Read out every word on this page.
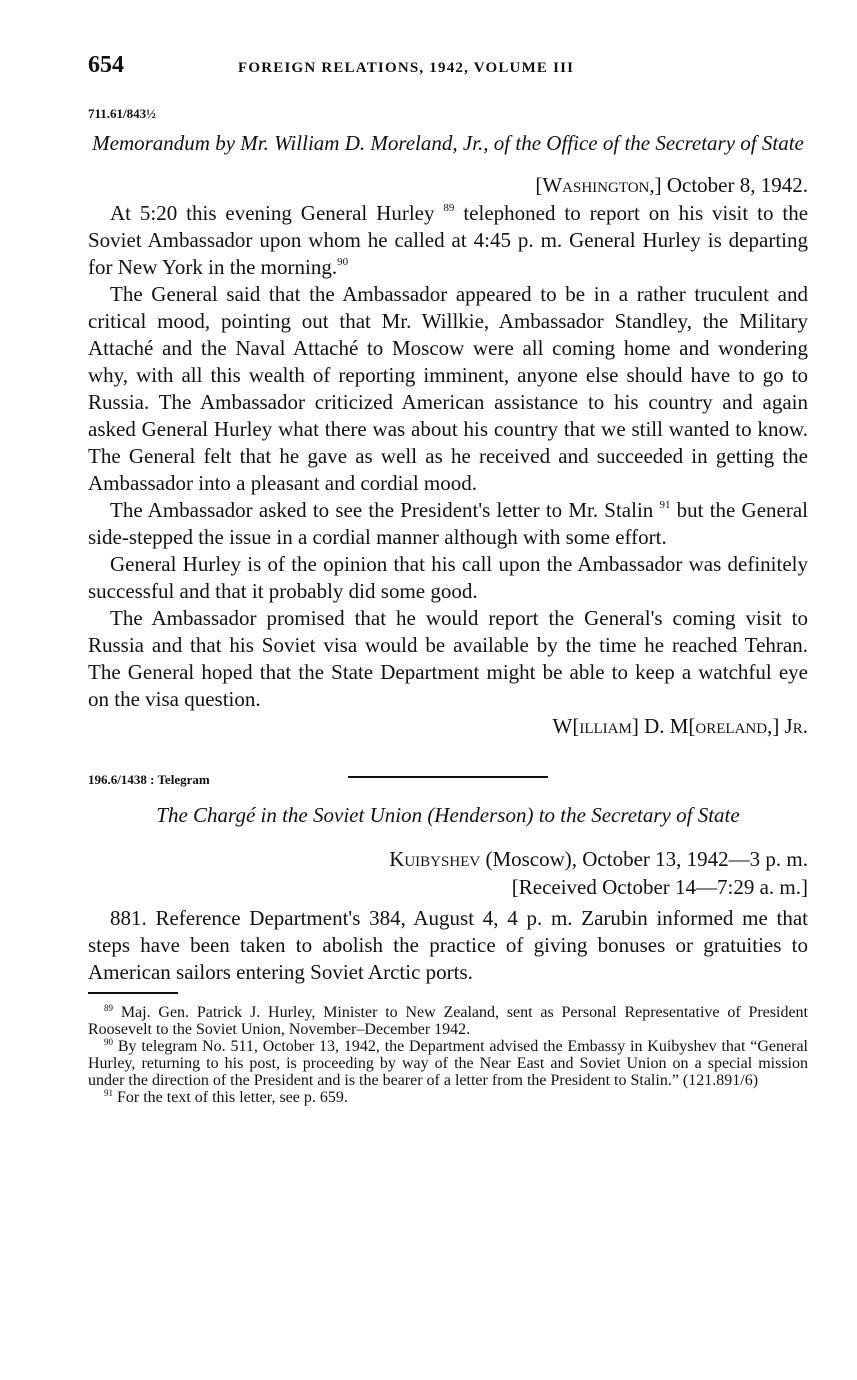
654	FOREIGN RELATIONS, 1942, VOLUME III
711.61/843½
Memorandum by Mr. William D. Moreland, Jr., of the Office of the Secretary of State
[Washington,] October 8, 1942.

At 5:20 this evening General Hurley $^{89}$ telephoned to report on his visit to the Soviet Ambassador upon whom he called at 4:45 p. m. General Hurley is departing for New York in the morning.$^{90}$

The General said that the Ambassador appeared to be in a rather truculent and critical mood, pointing out that Mr. Willkie, Ambassador Standley, the Military Attaché and the Naval Attaché to Moscow were all coming home and wondering why, with all this wealth of reporting imminent, anyone else should have to go to Russia. The Ambassador criticized American assistance to his country and again asked General Hurley what there was about his country that we still wanted to know. The General felt that he gave as well as he received and succeeded in getting the Ambassador into a pleasant and cordial mood.

The Ambassador asked to see the President's letter to Mr. Stalin $^{91}$ but the General side-stepped the issue in a cordial manner although with some effort.

General Hurley is of the opinion that his call upon the Ambassador was definitely successful and that it probably did some good.

The Ambassador promised that he would report the General's coming visit to Russia and that his Soviet visa would be available by the time he reached Tehran. The General hoped that the State Department might be able to keep a watchful eye on the visa question.

W[illiam] D. M[oreland,] Jr.
196.6/1438 : Telegram
The Chargé in the Soviet Union (Henderson) to the Secretary of State
Kuibyshev (Moscow), October 13, 1942—3 p. m.
[Received October 14—7:29 a. m.]

881. Reference Department's 384, August 4, 4 p. m. Zarubin informed me that steps have been taken to abolish the practice of giving bonuses or gratuities to American sailors entering Soviet Arctic ports.

$^{89}$ Maj. Gen. Patrick J. Hurley, Minister to New Zealand, sent as Personal Representative of President Roosevelt to the Soviet Union, November–December 1942.

$^{90}$ By telegram No. 511, October 13, 1942, the Department advised the Embassy in Kuibyshev that “General Hurley, returning to his post, is proceeding by way of the Near East and Soviet Union on a special mission under the direction of the President and is the bearer of a letter from the President to Stalin.” (121.891/6)

$^{91}$ For the text of this letter, see p. 659.
